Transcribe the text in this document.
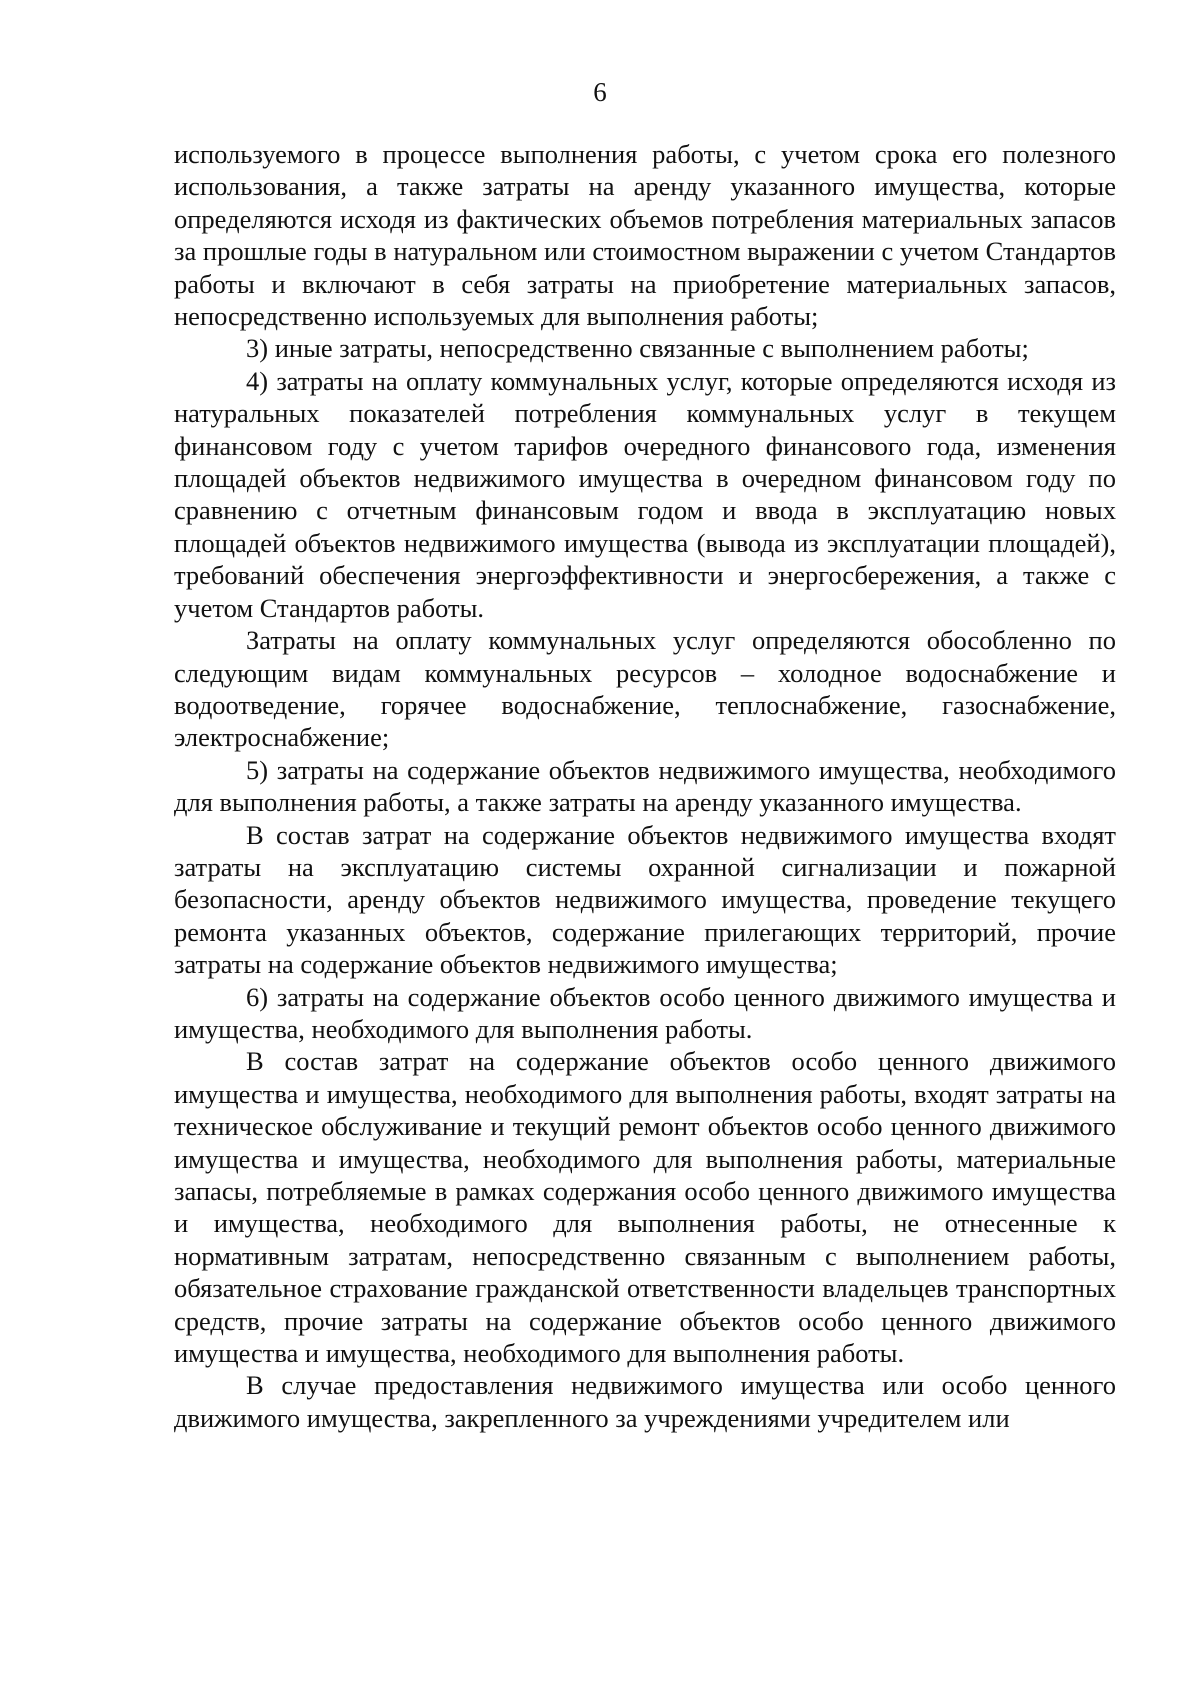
6

используемого в процессе выполнения работы, с учетом срока его полезного использования, а также затраты на аренду указанного имущества, которые определяются исходя из фактических объемов потребления материальных запасов за прошлые годы в натуральном или стоимостном выражении с учетом Стандартов работы и включают в себя затраты на приобретение материальных запасов, непосредственно используемых для выполнения работы;

3) иные затраты, непосредственно связанные с выполнением работы;

4) затраты на оплату коммунальных услуг, которые определяются исходя из натуральных показателей потребления коммунальных услуг в текущем финансовом году с учетом тарифов очередного финансового года, изменения площадей объектов недвижимого имущества в очередном финансовом году по сравнению с отчетным финансовым годом и ввода в эксплуатацию новых площадей объектов недвижимого имущества (вывода из эксплуатации площадей), требований обеспечения энергоэффективности и энергосбережения, а также с учетом Стандартов работы.

Затраты на оплату коммунальных услуг определяются обособленно по следующим видам коммунальных ресурсов – холодное водоснабжение и водоотведение, горячее водоснабжение, теплоснабжение, газоснабжение, электроснабжение;

5) затраты на содержание объектов недвижимого имущества, необходимого для выполнения работы, а также затраты на аренду указанного имущества.

В состав затрат на содержание объектов недвижимого имущества входят затраты на эксплуатацию системы охранной сигнализации и пожарной безопасности, аренду объектов недвижимого имущества, проведение текущего ремонта указанных объектов, содержание прилегающих территорий, прочие затраты на содержание объектов недвижимого имущества;

6) затраты на содержание объектов особо ценного движимого имущества и имущества, необходимого для выполнения работы.

В состав затрат на содержание объектов особо ценного движимого имущества и имущества, необходимого для выполнения работы, входят затраты на техническое обслуживание и текущий ремонт объектов особо ценного движимого имущества и имущества, необходимого для выполнения работы, материальные запасы, потребляемые в рамках содержания особо ценного движимого имущества и имущества, необходимого для выполнения работы, не отнесенные к нормативным затратам, непосредственно связанным с выполнением работы, обязательное страхование гражданской ответственности владельцев транспортных средств, прочие затраты на содержание объектов особо ценного движимого имущества и имущества, необходимого для выполнения работы.

В случае предоставления недвижимого имущества или особо ценного движимого имущества, закрепленного за учреждениями учредителем или
